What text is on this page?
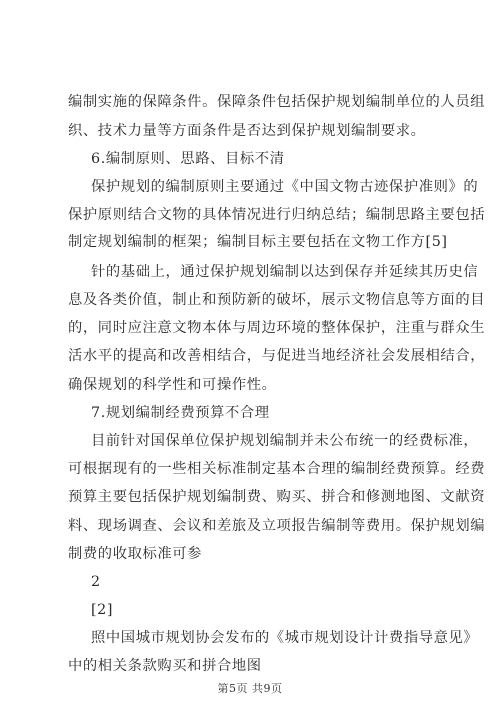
编制实施的保障条件。保障条件包括保护规划编制单位的人员组
织、技术力量等方面条件是否达到保护规划编制要求。
6.编制原则、思路、目标不清
保护规划的编制原则主要通过《中国文物古迹保护准则》的
保护原则结合文物的具体情况进行归纳总结；编制思路主要包括
制定规划编制的框架；编制目标主要包括在文物工作方[5]
针的基础上，通过保护规划编制以达到保存并延续其历史信
息及各类价值，制止和预防新的破坏，展示文物信息等方面的目
的，同时应注意文物本体与周边环境的整体保护，注重与群众生
活水平的提高和改善相结合，与促进当地经济社会发展相结合，
确保规划的科学性和可操作性。
7.规划编制经费预算不合理
目前针对国保单位保护规划编制并未公布统一的经费标准，
可根据现有的一些相关标准制定基本合理的编制经费预算。经费
预算主要包括保护规划编制费、购买、拼合和修测地图、文献资
料、现场调查、会议和差旅及立项报告编制等费用。保护规划编
制费的收取标准可参
2
[2]
照中国城市规划协会发布的《城市规划设计计费指导意见》
中的相关条款购买和拼合地图
第5页 共9页
